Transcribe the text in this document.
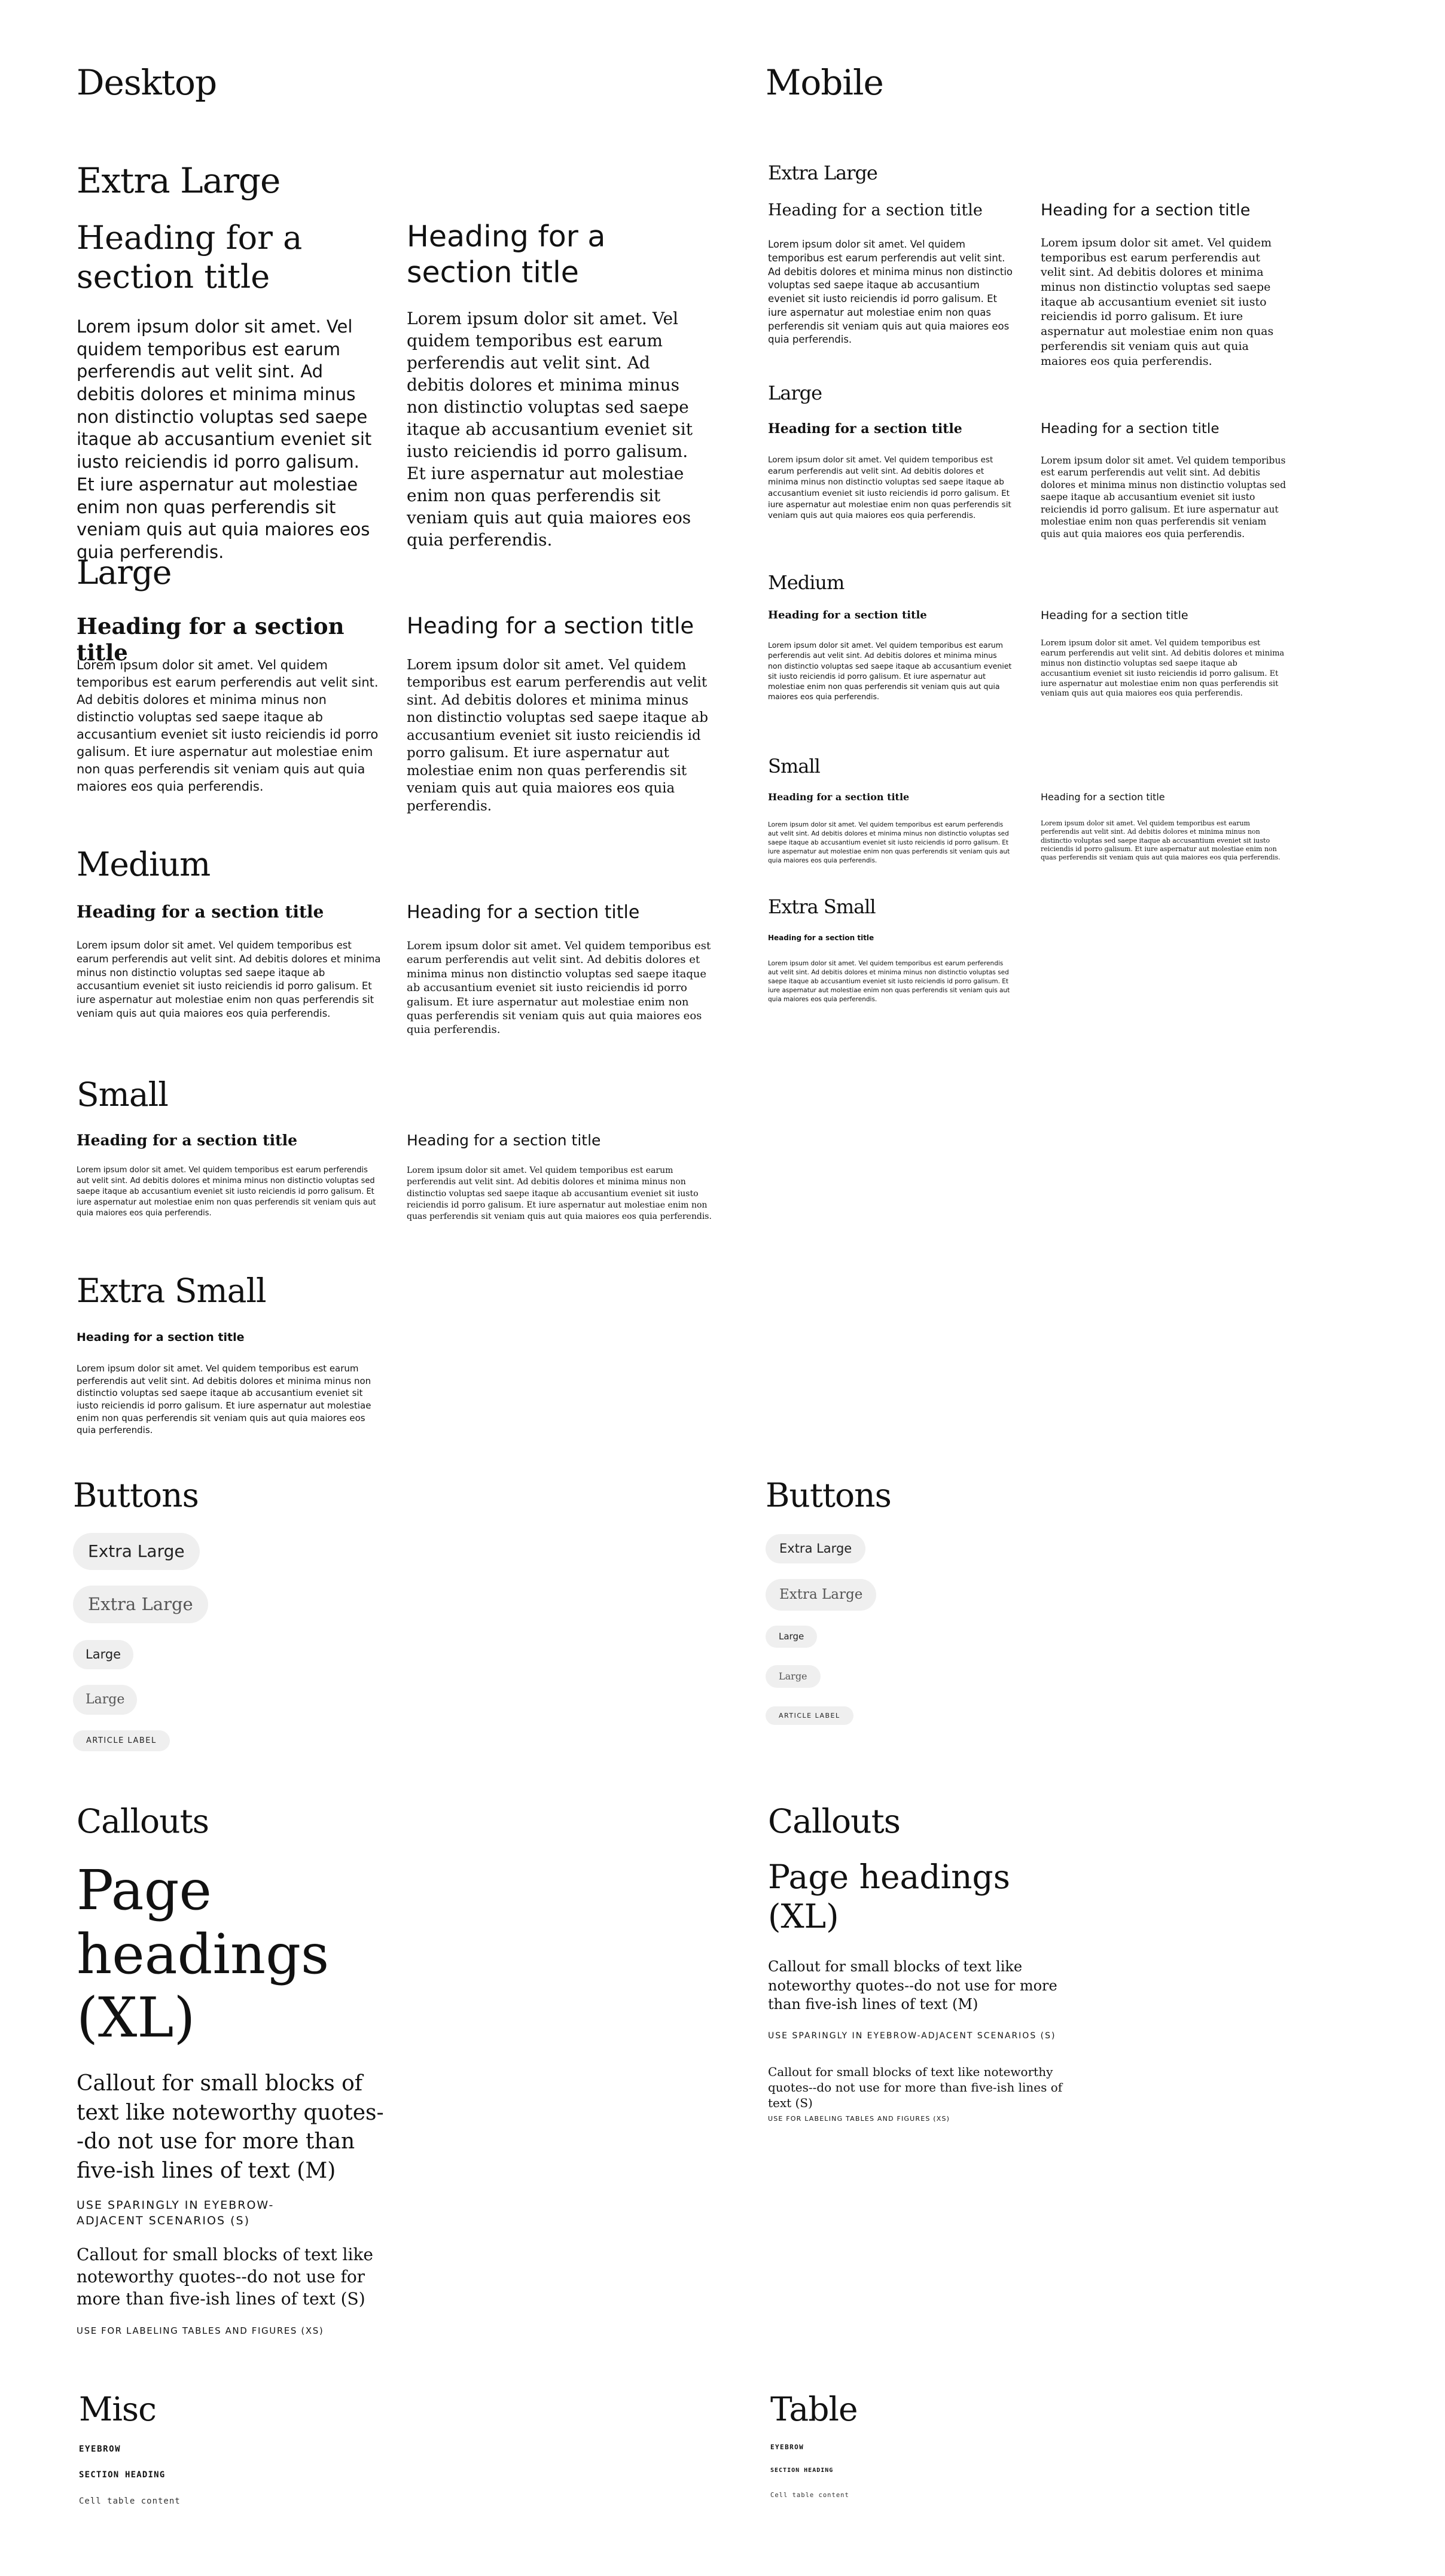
Desktop	Mobile
Extra Large
Heading for a section title
Lorem ipsum dolor sit amet. Vel quidem temporibus est earum perferendis aut velit sint. Ad debitis dolores et minima minus non distinctio voluptas sed saepe itaque ab accusantium eveniet sit iusto reiciendis id porro galisum. Et iure aspernatur aut molestiae enim non quas perferendis sit veniam quis aut quia maiores eos quia perferendis.
Heading for a section title
Lorem ipsum dolor sit amet. Vel quidem temporibus est earum perferendis aut velit sint. Ad debitis dolores et minima minus non distinctio voluptas sed saepe itaque ab accusantium eveniet sit iusto reiciendis id porro galisum. Et iure aspernatur aut molestiae enim non quas perferendis sit veniam quis aut quia maiores eos quia perferendis.
Large
Heading for a section title
Lorem ipsum dolor sit amet. Vel quidem temporibus est earum perferendis aut velit sint. Ad debitis dolores et minima minus non distinctio voluptas sed saepe itaque ab accusantium eveniet sit iusto reiciendis id porro galisum. Et iure aspernatur aut molestiae enim non quas perferendis sit veniam quis aut quia maiores eos quia perferendis.
Heading for a section title
Lorem ipsum dolor sit amet. Vel quidem temporibus est earum perferendis aut velit sint. Ad debitis dolores et minima minus non distinctio voluptas sed saepe itaque ab accusantium eveniet sit iusto reiciendis id porro galisum. Et iure aspernatur aut molestiae enim non quas perferendis sit veniam quis aut quia maiores eos quia perferendis.
Medium
Heading for a section title
Lorem ipsum dolor sit amet. Vel quidem temporibus est earum perferendis aut velit sint. Ad debitis dolores et minima minus non distinctio voluptas sed saepe itaque ab accusantium eveniet sit iusto reiciendis id porro galisum. Et iure aspernatur aut molestiae enim non quas perferendis sit veniam quis aut quia maiores eos quia perferendis.
Heading for a section title
Lorem ipsum dolor sit amet. Vel quidem temporibus est earum perferendis aut velit sint. Ad debitis dolores et minima minus non distinctio voluptas sed saepe itaque ab accusantium eveniet sit iusto reiciendis id porro galisum. Et iure aspernatur aut molestiae enim non quas perferendis sit veniam quis aut quia maiores eos quia perferendis.
Small
Heading for a section title
Lorem ipsum dolor sit amet. Vel quidem temporibus est earum perferendis aut velit sint. Ad debitis dolores et minima minus non distinctio voluptas sed saepe itaque ab accusantium eveniet sit iusto reiciendis id porro galisum. Et iure aspernatur aut molestiae enim non quas perferendis sit veniam quis aut quia maiores eos quia perferendis.
Heading for a section title
Lorem ipsum dolor sit amet. Vel quidem temporibus est earum perferendis aut velit sint. Ad debitis dolores et minima minus non distinctio voluptas sed saepe itaque ab accusantium eveniet sit iusto reiciendis id porro galisum. Et iure aspernatur aut molestiae enim non quas perferendis sit veniam quis aut quia maiores eos quia perferendis.
Extra Small
Heading for a section title
Lorem ipsum dolor sit amet. Vel quidem temporibus est earum perferendis aut velit sint. Ad debitis dolores et minima minus non distinctio voluptas sed saepe itaque ab accusantium eveniet sit iusto reiciendis id porro galisum. Et iure aspernatur aut molestiae enim non quas perferendis sit veniam quis aut quia maiores eos quia perferendis.
Extra Large
Heading for a section title
Lorem ipsum dolor sit amet. Vel quidem temporibus est earum perferendis aut velit sint. Ad debitis dolores et minima minus non distinctio voluptas sed saepe itaque ab accusantium eveniet sit iusto reiciendis id porro galisum. Et iure aspernatur aut molestiae enim non quas perferendis sit veniam quis aut quia maiores eos quia perferendis.
Heading for a section title
Lorem ipsum dolor sit amet. Vel quidem temporibus est earum perferendis aut velit sint. Ad debitis dolores et minima minus non distinctio voluptas sed saepe itaque ab accusantium eveniet sit iusto reiciendis id porro galisum. Et iure aspernatur aut molestiae enim non quas perferendis sit veniam quis aut quia maiores eos quia perferendis.
Large
Heading for a section title
Lorem ipsum dolor sit amet. Vel quidem temporibus est earum perferendis aut velit sint. Ad debitis dolores et minima minus non distinctio voluptas sed saepe itaque ab accusantium eveniet sit iusto reiciendis id porro galisum. Et iure aspernatur aut molestiae enim non quas perferendis sit veniam quis aut quia maiores eos quia perferendis.
Heading for a section title
Lorem ipsum dolor sit amet. Vel quidem temporibus est earum perferendis aut velit sint. Ad debitis dolores et minima minus non distinctio voluptas sed saepe itaque ab accusantium eveniet sit iusto reiciendis id porro galisum. Et iure aspernatur aut molestiae enim non quas perferendis sit veniam quis aut quia maiores eos quia perferendis.
Medium
Heading for a section title
Lorem ipsum dolor sit amet. Vel quidem temporibus est earum perferendis aut velit sint. Ad debitis dolores et minima minus non distinctio voluptas sed saepe itaque ab accusantium eveniet sit iusto reiciendis id porro galisum. Et iure aspernatur aut molestiae enim non quas perferendis sit veniam quis aut quia maiores eos quia perferendis.
Heading for a section title
Lorem ipsum dolor sit amet. Vel quidem temporibus est earum perferendis aut velit sint. Ad debitis dolores et minima minus non distinctio voluptas sed saepe itaque ab accusantium eveniet sit iusto reiciendis id porro galisum. Et iure aspernatur aut molestiae enim non quas perferendis sit veniam quis aut quia maiores eos quia perferendis.
Small
Heading for a section title
Lorem ipsum dolor sit amet. Vel quidem temporibus est earum perferendis aut velit sint. Ad debitis dolores et minima minus non distinctio voluptas sed saepe itaque ab accusantium eveniet sit iusto reiciendis id porro galisum. Et iure aspernatur aut molestiae enim non quas perferendis sit veniam quis aut quia maiores eos quia perferendis.
Heading for a section title
Lorem ipsum dolor sit amet. Vel quidem temporibus est earum perferendis aut velit sint. Ad debitis dolores et minima minus non distinctio voluptas sed saepe itaque ab accusantium eveniet sit iusto reiciendis id porro galisum. Et iure aspernatur aut molestiae enim non quas perferendis sit veniam quis aut quia maiores eos quia perferendis.
Extra Small
Heading for a section title
Lorem ipsum dolor sit amet. Vel quidem temporibus est earum perferendis aut velit sint. Ad debitis dolores et minima minus non distinctio voluptas sed saepe itaque ab accusantium eveniet sit iusto reiciendis id porro galisum. Et iure aspernatur aut molestiae enim non quas perferendis sit veniam quis aut quia maiores eos quia perferendis.
Buttons
Extra Large
Extra Large
Large
Large
ARTICLE LABEL
Buttons
Extra Large
Extra Large
Large
Large
ARTICLE LABEL
Callouts
Page headings (XL)
Callout for small blocks of text like noteworthy quotes--do not use for more than five-ish lines of text (M)
USE SPARINGLY IN EYEBROW-ADJACENT SCENARIOS (S)
Callout for small blocks of text like noteworthy quotes--do not use for more than five-ish lines of text (S)
USE FOR LABELING TABLES AND FIGURES (XS)
Callouts
Page headings (XL)
Callout for small blocks of text like noteworthy quotes--do not use for more than five-ish lines of text (M)
USE SPARINGLY IN EYEBROW-ADJACENT SCENARIOS (S)
Callout for small blocks of text like noteworthy quotes--do not use for more than five-ish lines of text (S)
USE FOR LABELING TABLES AND FIGURES (XS)
Misc
EYEBROW
SECTION HEADING
Cell table content
Table
EYEBROW
SECTION HEADING
Cell table content
